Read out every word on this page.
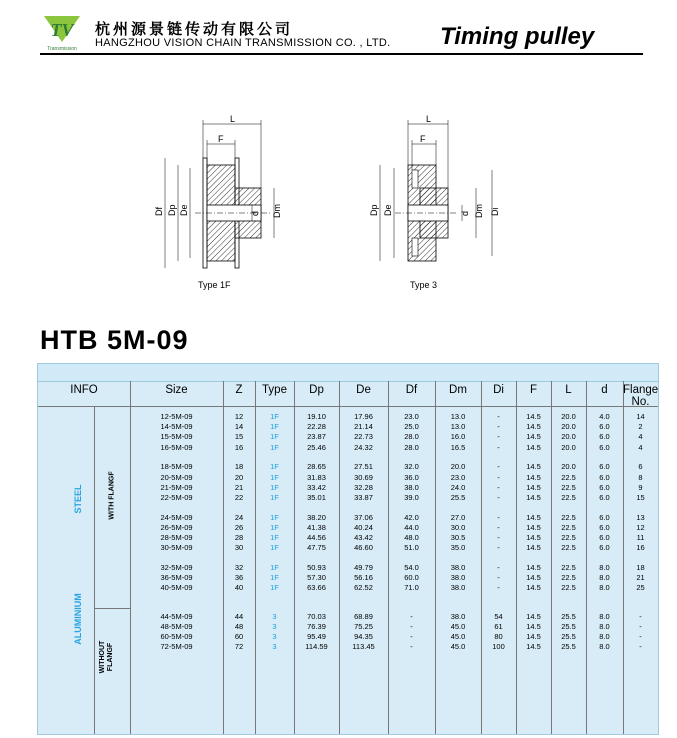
TV
Transmission
杭州源景链传动有限公司
HANGZHOU VISION CHAIN TRANSMISSION CO. , LTD. Timing pulley
L
F
Df Dp De	d Dm
Type 1F
L
F
Dp De	d Dm Di
Type 3
HTB 5M-09
INFO	Size	Z	Type	Dp	De	Df	Dm	Di	F	L	d	Flange
No.
12-5M-09	12	1F	19.10	17.96	23.0	13.0	-	14.5	20.0	4.0	14
14-5M-09	14	1F	22.28	21.14	25.0	13.0	-	14.5	20.0	6.0	2
15-5M-09	15	1F	23.87	22.73	28.0	16.0	-	14.5	20.0	6.0	4
16-5M-09	16	1F	25.46	24.32	28.0	16.5	-	14.5	20.0	6.0	4
18-5M-09	18	1F	28.65	27.51	32.0	20.0	-	14.5	20.0	6.0	6
20-5M-09	20	1F	31.83	30.69	36.0	23.0	-	14.5	22.5	6.0	8
21-5M-09	21	1F	33.42	32.28	38.0	24.0	-	14.5	22.5	6.0	9
22-5M-09	22	1F	35.01	33.87	39.0	25.5	-	14.5	22.5	6.0	15
24-5M-09	24	1F	38.20	37.06	42.0	27.0	-	14.5	22.5	6.0	13
26-5M-09	26	1F	41.38	40.24	44.0	30.0	-	14.5	22.5	6.0	12
28-5M-09	28	1F	44.56	43.42	48.0	30.5	-	14.5	22.5	6.0	11
30-5M-09	30	1F	47.75	46.60	51.0	35.0	-	14.5	22.5	6.0	16
32-5M-09	32	1F	50.93	49.79	54.0	38.0	-	14.5	22.5	8.0	18
36-5M-09	36	1F	57.30	56.16	60.0	38.0	-	14.5	22.5	8.0	21
40-5M-09	40	1F	63.66	62.52	71.0	38.0	-	14.5	22.5	8.0	25
44-5M-09	44	3	70.03	68.89	-	38.0	54	14.5	25.5	8.0	-
48-5M-09	48	3	76.39	75.25	-	45.0	61	14.5	25.5	8.0	-
60-5M-09	60	3	95.49	94.35	-	45.0	80	14.5	25.5	8.0	-
72-5M-09	72	3	114.59	113.45	-	45.0	100	14.5	25.5	8.0	-
STEEL
ALUMINIUM
WITH FLANGF
WITHOUT FLANGF
